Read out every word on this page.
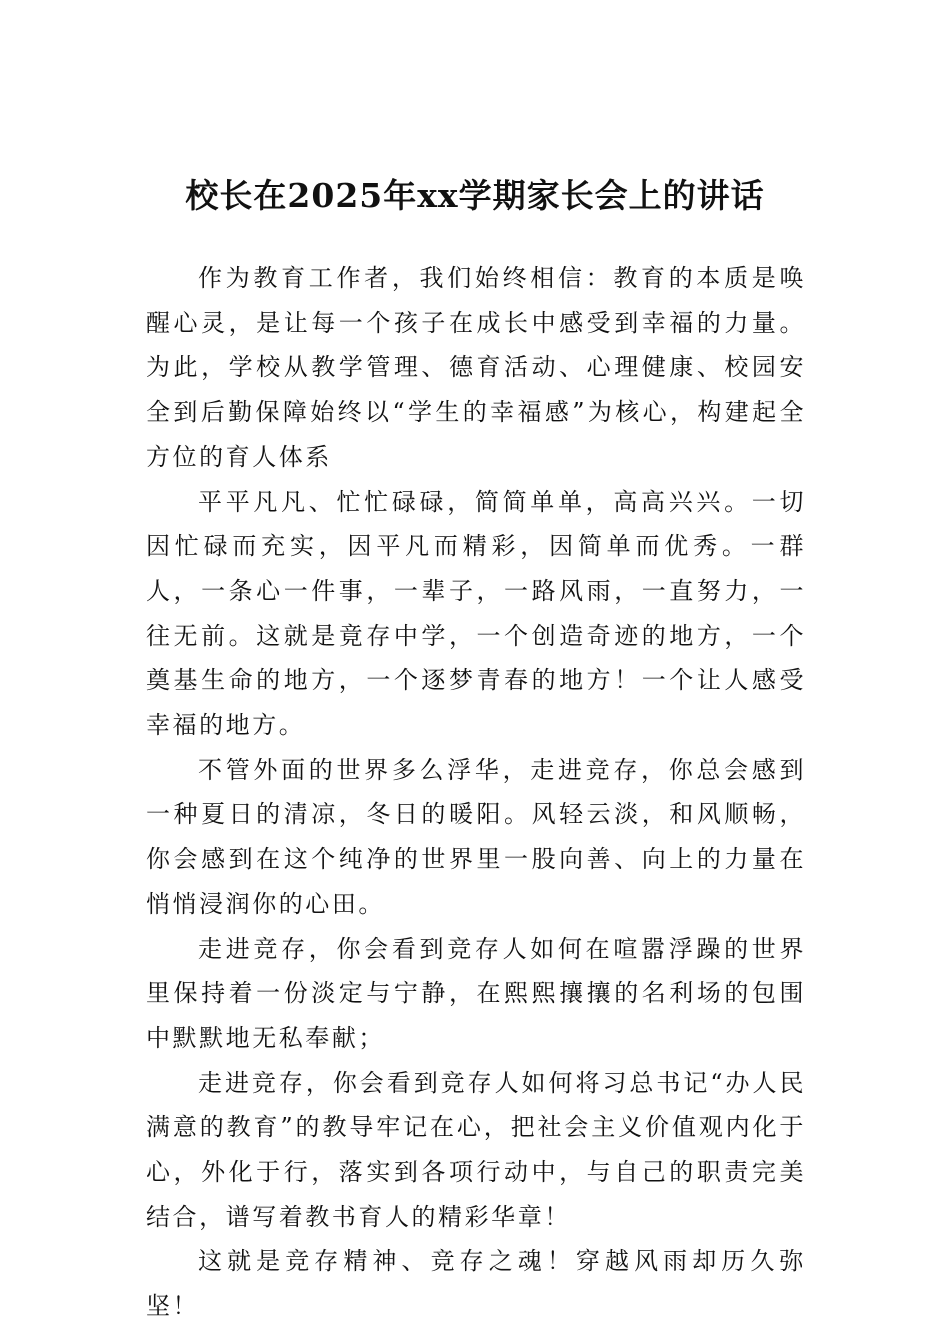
校长在2025年xx学期家长会上的讲话

作为教育工作者，我们始终相信：教育的本质是唤醒心灵，是让每一个孩子在成长中感受到幸福的力量。为此，学校从教学管理、德育活动、心理健康、校园安全到后勤保障始终以“学生的幸福感”为核心，构建起全方位的育人体系

平平凡凡、忙忙碌碌，简简单单，高高兴兴。一切因忙碌而充实，因平凡而精彩，因简单而优秀。一群人，一条心一件事，一辈子，一路风雨，一直努力，一往无前。这就是竟存中学，一个创造奇迹的地方，一个奠基生命的地方，一个逐梦青春的地方！一个让人感受幸福的地方。

不管外面的世界多么浮华，走进竞存，你总会感到一种夏日的清凉，冬日的暖阳。风轻云淡，和风顺畅，你会感到在这个纯净的世界里一股向善、向上的力量在悄悄浸润你的心田。

走进竞存，你会看到竞存人如何在喧嚣浮躁的世界里保持着一份淡定与宁静，在熙熙攘攘的名利场的包围中默默地无私奉献；

走进竞存，你会看到竞存人如何将习总书记“办人民满意的教育”的教导牢记在心，把社会主义价值观内化于心，外化于行，落实到各项行动中，与自己的职责完美结合，谱写着教书育人的精彩华章！

这就是竞存精神、竞存之魂！穿越风雨却历久弥坚！
